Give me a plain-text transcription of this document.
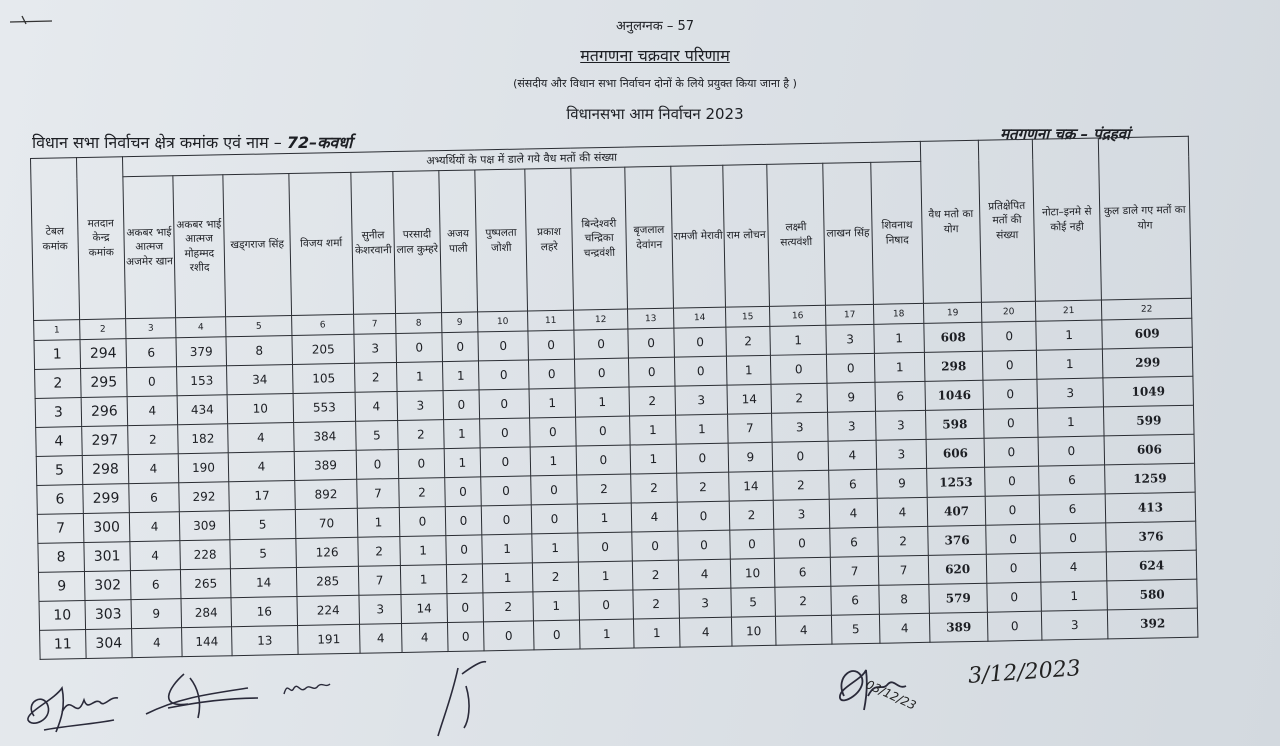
अनुलग्नक – 57
मतगणना चक्रवार परिणाम
(संसदीय और विधान सभा निर्वाचन दोनों के लिये प्रयुक्त किया जाना है )
विधानसभा आम निर्वाचन 2023
विधान सभा निर्वाचन क्षेत्र कमांक एवं नाम – 72–कवर्धा	मतगणना चक्र – पंद्रहवां
टेबल कमांक	मतदान केन्द्र कमांक	अभ्यर्थियों के पक्ष में डाले गये वैध मतों की संख्या																वैध मतो का योग	प्रतिक्षेपित मतों की संख्या	नोटा–इनमे से कोई नही	कुल डाले गए मतों का योग
		अकबर भाई आत्मज अजमेर खान	अकबर भाई आत्मज मोहम्मद रशीद	खड्गराज सिंह	विजय शर्मा	सुनील केशरवानी	परसादी लाल कुम्हरे	अजय पाली	पुष्पलता जोशी	प्रकाश लहरे	बिन्देश्वरी चन्द्रिका चन्द्रवंशी	बृजलाल देवांगन	रामजी मेरावी	राम लोचन	लक्ष्मी सत्यवंशी	लाखन सिंह	शिवनाथ निषाद				
1	2	3	4	5	6	7	8	9	10	11	12	13	14	15	16	17	18	19	20	21	22
1	294	6	379	8	205	3	0	0	0	0	0	0	0	2	1	3	1	608	0	1	609
2	295	0	153	34	105	2	1	1	0	0	0	0	0	1	0	0	1	298	0	1	299
3	296	4	434	10	553	4	3	0	0	1	1	2	3	14	2	9	6	1046	0	3	1049
4	297	2	182	4	384	5	2	1	0	0	0	1	1	7	3	3	3	598	0	1	599
5	298	4	190	4	389	0	0	1	0	1	0	1	0	9	0	4	3	606	0	0	606
6	299	6	292	17	892	7	2	0	0	0	2	2	2	14	2	6	9	1253	0	6	1259
7	300	4	309	5	70	1	0	0	0	0	1	4	0	2	3	4	4	407	0	6	413
8	301	4	228	5	126	2	1	0	1	1	0	0	0	0	0	6	2	376	0	0	376
9	302	6	265	14	285	7	1	2	1	2	1	2	4	10	6	7	7	620	0	4	624
10	303	9	284	16	224	3	14	0	2	1	0	2	3	5	2	6	8	579	0	1	580
11	304	4	144	13	191	4	4	0	0	0	1	1	4	10	4	5	4	389	0	3	392
03/12/23
3/12/2023
